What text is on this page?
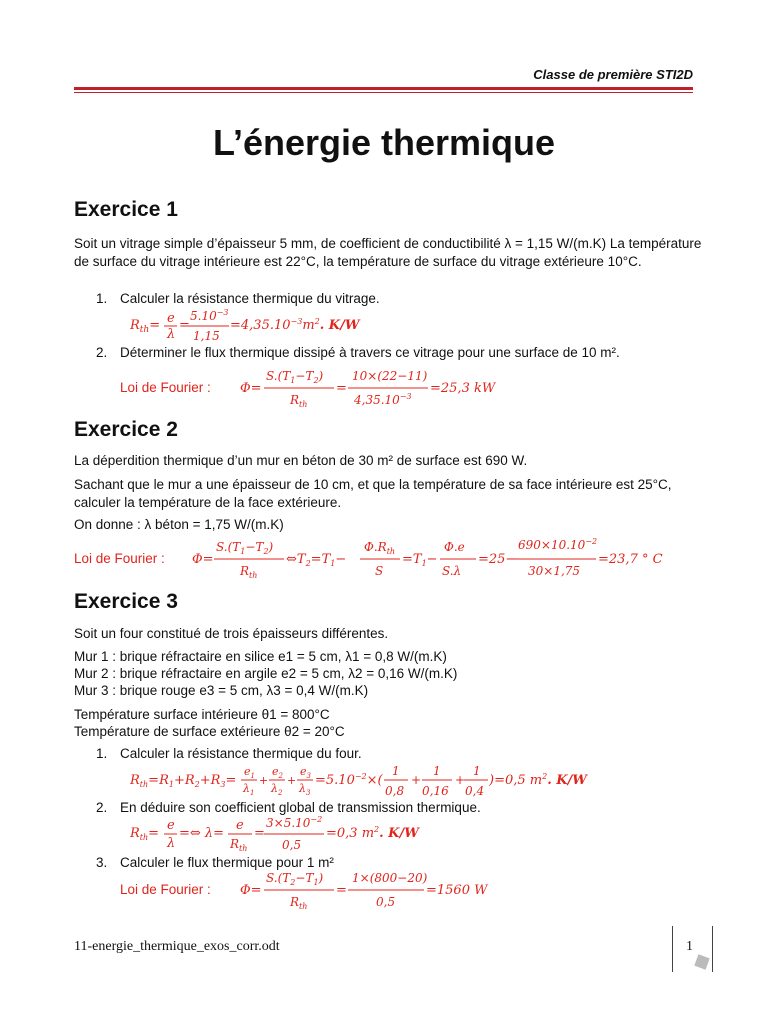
Classe de première STI2D
L’énergie thermique
Exercice 1
Soit un vitrage simple d’épaisseur 5 mm, de coefficient de conductibilité λ = 1,15 W/(m.K) La température de surface du vitrage intérieure est 22°C, la température de surface du vitrage extérieure 10°C.
1. Calculer la résistance thermique du vitrage.
$R_{th}= e$
λ
=
$5.10^{-3}$
1,15
$=4,35.10^{-3}m^2$. K/W
2. Déterminer le flux thermique dissipé à travers ce vitrage pour une surface de 10 m².
Loi de Fourier : Φ=
$S.(T_1-T_2)$
$R_{th}$
=
10×(22−11)
$4,35.10^{-3}$
=25,3 kW
Exercice 2
La déperdition thermique d’un mur en béton de 30 m² de surface est 690 W.
Sachant que le mur a une épaisseur de 10 cm, et que la température de sa face intérieure est 25°C, calculer la température de la face extérieure.
On donne : λ béton = 1,75 W/(m.K)
Loi de Fourier : Φ=
$S.(T_1-T_2)$
$R_{th}$
$\Leftrightarrow T_2=T_1-$
$\Phi.R_{th}$
S
$=T_1-$
Φ.e
S.λ
=25−
$690\times 10.10^{-2}$
30×1,75
=23,7 ° C
Exercice 3
Soit un four constitué de trois épaisseurs différentes.
Mur 1 : brique réfractaire en silice e1 = 5 cm, λ1 = 0,8 W/(m.K)
Mur 2 : brique réfractaire en argile e2 = 5 cm, λ2 = 0,16 W/(m.K)
Mur 3 : brique rouge e3 = 5 cm, λ3 = 0,4 W/(m.K)
Température surface intérieure θ1 = 800°C
Température de surface extérieure θ2 = 20°C
1. Calculer la résistance thermique du four.
$R_{th}=R_1+R_2+R_3=$
$e_1$
$\lambda_1$
+
$e_2$
$\lambda_2$
+
$e_3$
$\lambda_3$
$=5.10^{-2}\times$(
1
0,8
+
1
0,16
+
1
0,4
)=0,5 $m^2$. K/W
2. En déduire son coefficient global de transmission thermique.
$R_{th}=$
e
λ
=⇔ λ=
e
$R_{th}$
=
$3\times 5.10^{-2}$
0,5
=0,3 $m^2$. K/W
3. Calculer le flux thermique pour 1 m²
Loi de Fourier : Φ=
$S.(T_2-T_1)$
$R_{th}$
=
1×(800−20)
0,5
=1560 W
11-energie_thermique_exos_corr.odt	1
